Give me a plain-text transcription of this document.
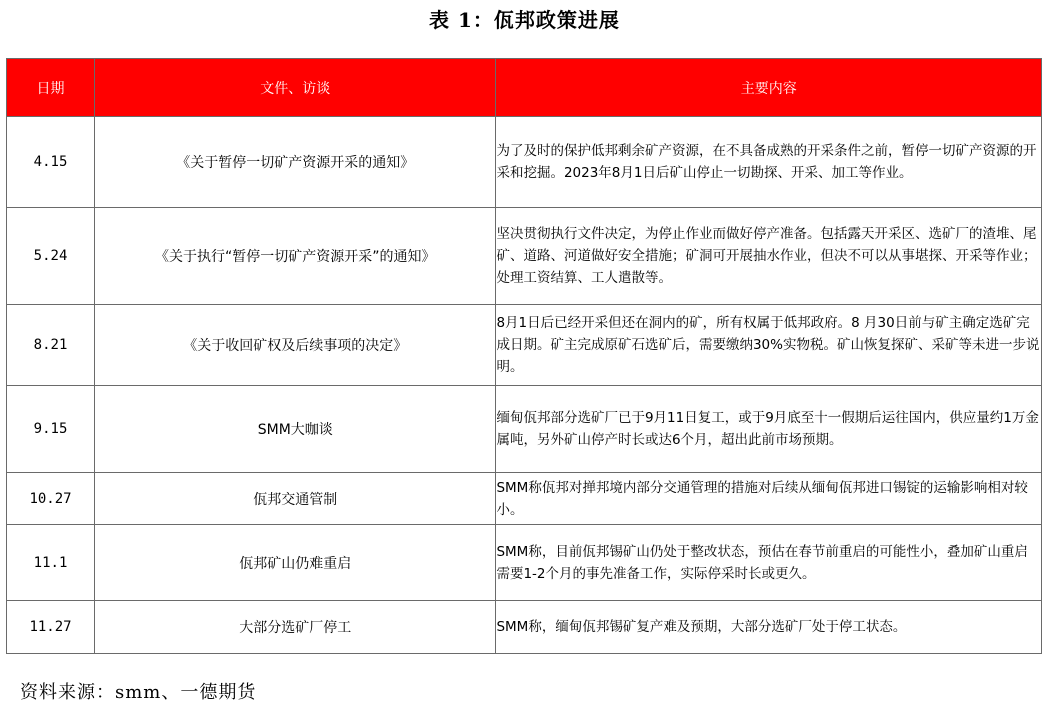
表 1：佤邦政策进展
日期	文件、访谈	主要内容
4.15	《关于暂停一切矿产资源开采的通知》	为了及时的保护低邦剩余矿产资源，在不具备成熟的开采条件之前，暂停一切矿产资源的开采和挖掘。2023年8月1日后矿山停止一切勘探、开采、加工等作业。
5.24	《关于执行“暂停一切矿产资源开采”的通知》	坚决贯彻执行文件决定，为停止作业而做好停产准备。包括露天开采区、选矿厂的渣堆、尾矿、道路、河道做好安全措施；矿洞可开展抽水作业，但决不可以从事堪探、开采等作业；处理工资结算、工人遣散等。
8.21	《关于收回矿权及后续事项的决定》	8月1日后已经开采但还在洞内的矿，所有权属于低邦政府。8 月30日前与矿主确定选矿完成日期。矿主完成原矿石选矿后，需要缴纳30%实物税。矿山恢复探矿、采矿等未进一步说明。
9.15	SMM大咖谈	缅甸佤邦部分选矿厂已于9月11日复工，或于9月底至十一假期后运往国内，供应量约1万金属吨，另外矿山停产时长或达6个月，超出此前市场预期。
10.27	佤邦交通管制	SMM称佤邦对掸邦境内部分交通管理的措施对后续从缅甸佤邦进口锡锭的运输影响相对较小。
11.1	佤邦矿山仍难重启	SMM称，目前佤邦锡矿山仍处于整改状态，预估在春节前重启的可能性小，叠加矿山重启需要1-2个月的事先准备工作，实际停采时长或更久。
11.27	大部分选矿厂停工	SMM称，缅甸佤邦锡矿复产难及预期，大部分选矿厂处于停工状态。
资料来源：smm、一德期货
